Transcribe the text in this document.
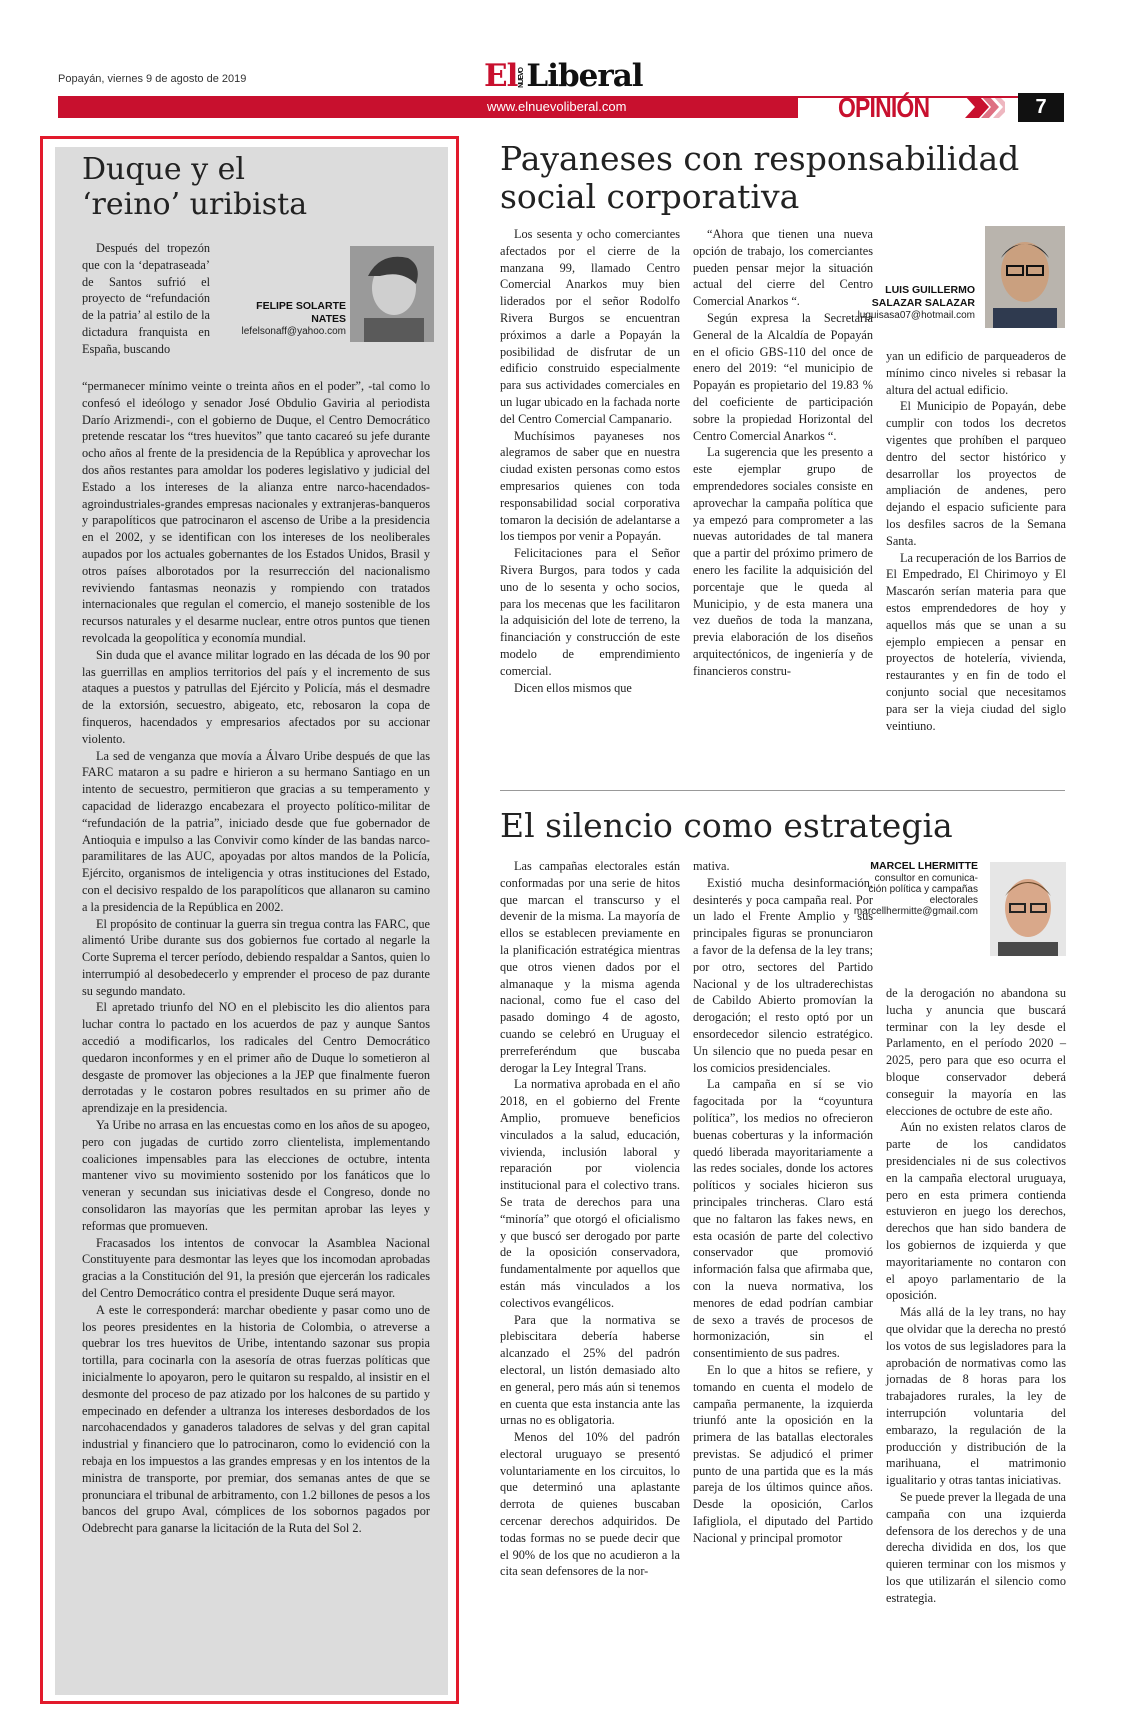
Popayán, viernes 9 de agosto de 2019	ElNUEVOLiberal
www.elnuevoliberal.com	OPINIÓN	7
Duque y el
‘reino’ uribista

Después del tropezón que con la ‘depatraseada’ de Santos sufrió el proyecto de “refundación de la patria’ al estilo de la dictadura franquista en España, buscando

FELIPE SOLARTE
NATES
lefelsonaff@yahoo.com

“permanecer mínimo veinte o treinta años en el poder”, -tal como lo confesó el ideólogo y senador José Obdulio Gaviria al periodista Darío Arizmendi-, con el gobierno de Duque, el Centro Democrático pretende rescatar los “tres huevitos” que tanto cacareó su jefe durante ocho años al frente de la presidencia de la República y aprovechar los dos años restantes para amoldar los poderes legislativo y judicial del Estado a los intereses de la alianza entre narco-hacendados-agroindustriales-grandes empresas nacionales y extranjeras-banqueros y parapolíticos que patrocinaron el ascenso de Uribe a la presidencia en el 2002, y se identifican con los intereses de los neoliberales aupados por los actuales gobernantes de los Estados Unidos, Brasil y otros países alborotados por la resurrección del nacionalismo reviviendo fantasmas neonazis y rompiendo con tratados internacionales que regulan el comercio, el manejo sostenible de los recursos naturales y el desarme nuclear, entre otros puntos que tienen revolcada la geopolítica y economía mundial.

Sin duda que el avance militar logrado en las década de los 90 por las guerrillas en amplios territorios del país y el incremento de sus ataques a puestos y patrullas del Ejército y Policía, más el desmadre de la extorsión, secuestro, abigeato, etc, rebosaron la copa de finqueros, hacendados y empresarios afectados por su accionar violento.

La sed de venganza que movía a Álvaro Uribe después de que las FARC mataron a su padre e hirieron a su hermano Santiago en un intento de secuestro, permitieron que gracias a su temperamento y capacidad de liderazgo encabezara el proyecto político-militar de “refundación de la patria”, iniciado desde que fue gobernador de Antioquia e impulso a las Convivir como kínder de las bandas narco-paramilitares de las AUC, apoyadas por altos mandos de la Policía, Ejército, organismos de inteligencia y otras instituciones del Estado, con el decisivo respaldo de los parapolíticos que allanaron su camino a la presidencia de la República en 2002.

El propósito de continuar la guerra sin tregua contra las FARC, que alimentó Uribe durante sus dos gobiernos fue cortado al negarle la Corte Suprema el tercer período, debiendo respaldar a Santos, quien lo interrumpió al desobedecerlo y emprender el proceso de paz durante su segundo mandato.

El apretado triunfo del NO en el plebiscito les dio alientos para luchar contra lo pactado en los acuerdos de paz y aunque Santos accedió a modificarlos, los radicales del Centro Democrático quedaron inconformes y en el primer año de Duque lo sometieron al desgaste de promover las objeciones a la JEP que finalmente fueron derrotadas y le costaron pobres resultados en su primer año de aprendizaje en la presidencia.

Ya Uribe no arrasa en las encuestas como en los años de su apogeo, pero con jugadas de curtido zorro clientelista, implementando coaliciones impensables para las elecciones de octubre, intenta mantener vivo su movimiento sostenido por los fanáticos que lo veneran y secundan sus iniciativas desde el Congreso, donde no consolidaron las mayorías que les permitan aprobar las leyes y reformas que promueven.

Fracasados los intentos de convocar la Asamblea Nacional Constituyente para desmontar las leyes que los incomodan aprobadas gracias a la Constitución del 91, la presión que ejercerán los radicales del Centro Democrático contra el presidente Duque será mayor.

A este le corresponderá: marchar obediente y pasar como uno de los peores presidentes en la historia de Colombia, o atreverse a quebrar los tres huevitos de Uribe, intentando sazonar sus propia tortilla, para cocinarla con la asesoría de otras fuerzas políticas que inicialmente lo apoyaron, pero le quitaron su respaldo, al insistir en el desmonte del proceso de paz atizado por los halcones de su partido y empecinado en defender a ultranza los intereses desbordados de los narcohacendados y ganaderos taladores de selvas y del gran capital industrial y financiero que lo patrocinaron, como lo evidenció con la rebaja en los impuestos a las grandes empresas y en los intentos de la ministra de transporte, por premiar, dos semanas antes de que se pronunciara el tribunal de arbitramento, con 1.2 billones de pesos a los bancos del grupo Aval, cómplices de los sobornos pagados por Odebrecht para ganarse la licitación de la Ruta del Sol 2.

Payaneses con responsabilidad
social corporativa
LUIS GUILLERMO
SALAZAR SALAZAR
luguisasa07@hotmail.com

Los sesenta y ocho comerciantes afectados por el cierre de la manzana 99, llamado Centro Comercial Anarkos muy bien liderados por el señor Rodolfo Rivera Burgos se encuentran próximos a darle a Popayán la posibilidad de disfrutar de un edificio construido especialmente para sus actividades comerciales en un lugar ubicado en la fachada norte del Centro Comercial Campanario.

Muchísimos payaneses nos alegramos de saber que en nuestra ciudad existen personas como estos empresarios quienes con toda responsabilidad social corporativa tomaron la decisión de adelantarse a los tiempos por venir a Popayán.

Felicitaciones para el Señor Rivera Burgos, para todos y cada uno de lo sesenta y ocho socios, para los mecenas que les facilitaron la adquisición del lote de terreno, la financiación y construcción de este modelo de emprendimiento comercial.

Dicen ellos mismos que

“Ahora que tienen una nueva opción de trabajo, los comerciantes pueden pensar mejor la situación actual del cierre del Centro Comercial Anarkos “.

Según expresa la Secretaria General de la Alcaldía de Popayán en el oficio GBS-110 del once de enero del 2019: “el municipio de Popayán es propietario del 19.83 % del coeficiente de participación sobre la propiedad Horizontal del Centro Comercial Anarkos “.

La sugerencia que les presento a este ejemplar grupo de emprendedores sociales consiste en aprovechar la campaña política que ya empezó para comprometer a las nuevas autoridades de tal manera que a partir del próximo primero de enero les facilite la adquisición del porcentaje que le queda al Municipio, y de esta manera una vez dueños de toda la manzana, previa elaboración de los diseños arquitectónicos, de ingeniería y de financieros constru-

yan un edificio de parqueaderos de mínimo cinco niveles si rebasar la altura del actual edificio.

El Municipio de Popayán, debe cumplir con todos los decretos vigentes que prohíben el parqueo dentro del sector histórico y desarrollar los proyectos de ampliación de andenes, pero dejando el espacio suficiente para los desfiles sacros de la Semana Santa.

La recuperación de los Barrios de El Empedrado, El Chirimoyo y El Mascarón serían materia para que estos emprendedores de hoy y aquellos más que se unan a su ejemplo empiecen a pensar en proyectos de hotelería, vivienda, restaurantes y en fin de todo el conjunto social que necesitamos para ser la vieja ciudad del siglo veintiuno.

El silencio como estrategia
MARCEL LHERMITTE
consultor en comunica-
ción política y campañas
electorales
marcellhermitte@gmail.com

Las campañas electorales están conformadas por una serie de hitos que marcan el transcurso y el devenir de la misma. La mayoría de ellos se establecen previamente en la planificación estratégica mientras que otros vienen dados por el almanaque y la misma agenda nacional, como fue el caso del pasado domingo 4 de agosto, cuando se celebró en Uruguay el prerreferéndum que buscaba derogar la Ley Integral Trans.

La normativa aprobada en el año 2018, en el gobierno del Frente Amplio, promueve beneficios vinculados a la salud, educación, vivienda, inclusión laboral y reparación por violencia institucional para el colectivo trans. Se trata de derechos para una “minoría” que otorgó el oficialismo y que buscó ser derogado por parte de la oposición conservadora, fundamentalmente por aquellos que están más vinculados a los colectivos evangélicos.

Para que la normativa se plebiscitara debería haberse alcanzado el 25% del padrón electoral, un listón demasiado alto en general, pero más aún si tenemos en cuenta que esta instancia ante las urnas no es obligatoria.

Menos del 10% del padrón electoral uruguayo se presentó voluntariamente en los circuitos, lo que determinó una aplastante derrota de quienes buscaban cercenar derechos adquiridos. De todas formas no se puede decir que el 90% de los que no acudieron a la cita sean defensores de la nor-

mativa.

Existió mucha desinformación, desinterés y poca campaña real. Por un lado el Frente Amplio y sus principales figuras se pronunciaron a favor de la defensa de la ley trans; por otro, sectores del Partido Nacional y de los ultraderechistas de Cabildo Abierto promovían la derogación; el resto optó por un ensordecedor silencio estratégico. Un silencio que no pueda pesar en los comicios presidenciales.

La campaña en sí se vio fagocitada por la “coyuntura política”, los medios no ofrecieron buenas coberturas y la información quedó liberada mayoritariamente a las redes sociales, donde los actores políticos y sociales hicieron sus principales trincheras. Claro está que no faltaron las fakes news, en esta ocasión de parte del colectivo conservador que promovió información falsa que afirmaba que, con la nueva normativa, los menores de edad podrían cambiar de sexo a través de procesos de hormonización, sin el consentimiento de sus padres.

En lo que a hitos se refiere, y tomando en cuenta el modelo de campaña permanente, la izquierda triunfó ante la oposición en la primera de las batallas electorales previstas. Se adjudicó el primer punto de una partida que es la más pareja de los últimos quince años. Desde la oposición, Carlos Iafigliola, el diputado del Partido Nacional y principal promotor

de la derogación no abandona su lucha y anuncia que buscará terminar con la ley desde el Parlamento, en el período 2020 – 2025, pero para que eso ocurra el bloque conservador deberá conseguir la mayoría en las elecciones de octubre de este año.

Aún no existen relatos claros de parte de los candidatos presidenciales ni de sus colectivos en la campaña electoral uruguaya, pero en esta primera contienda estuvieron en juego los derechos, derechos que han sido bandera de los gobiernos de izquierda y que mayoritariamente no contaron con el apoyo parlamentario de la oposición.

Más allá de la ley trans, no hay que olvidar que la derecha no prestó los votos de sus legisladores para la aprobación de normativas como las jornadas de 8 horas para los trabajadores rurales, la ley de interrupción voluntaria del embarazo, la regulación de la producción y distribución de la marihuana, el matrimonio igualitario y otras tantas iniciativas.

Se puede prever la llegada de una campaña con una izquierda defensora de los derechos y de una derecha dividida en dos, los que quieren terminar con los mismos y los que utilizarán el silencio como estrategia.
